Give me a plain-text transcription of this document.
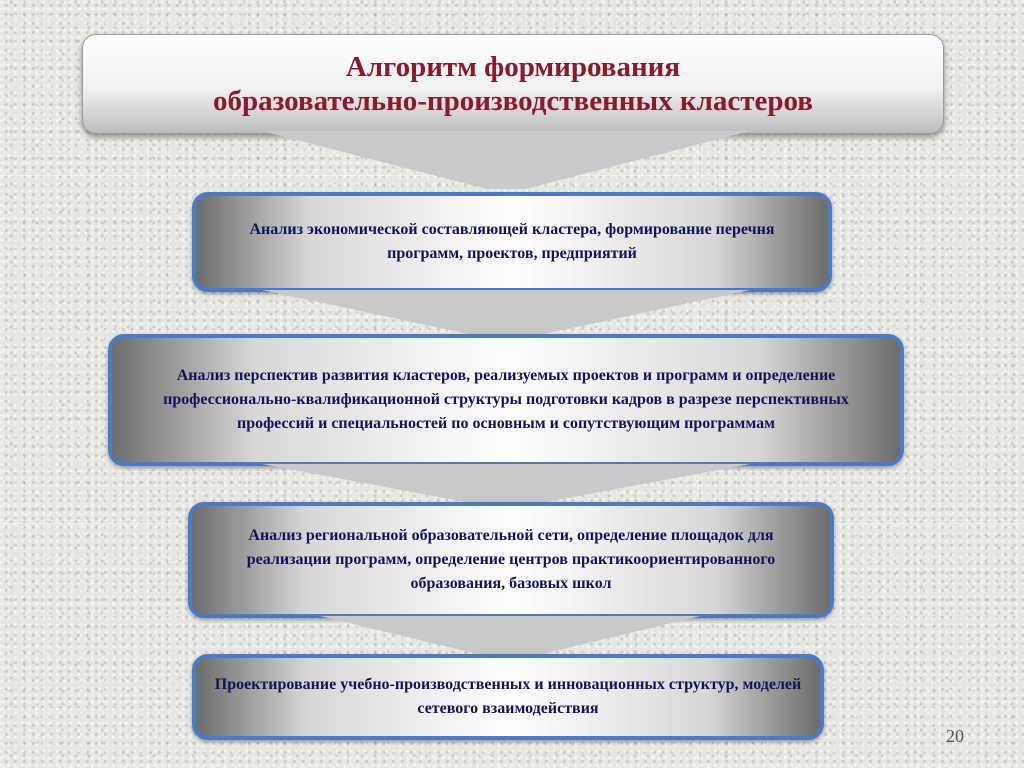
Алгоритм формирования
образовательно-производственных кластеров
Анализ экономической составляющей кластера, формирование перечня программ, проектов, предприятий
Анализ перспектив развития кластеров, реализуемых проектов и программ и определение профессионально-квалификационной структуры подготовки кадров в разрезе перспективных профессий и специальностей по основным и сопутствующим программам
Анализ региональной образовательной сети, определение площадок для реализации программ, определение центров практикоориентированного образования, базовых школ
Проектирование учебно-производственных и инновационных структур, моделей сетевого взаимодействия
20
